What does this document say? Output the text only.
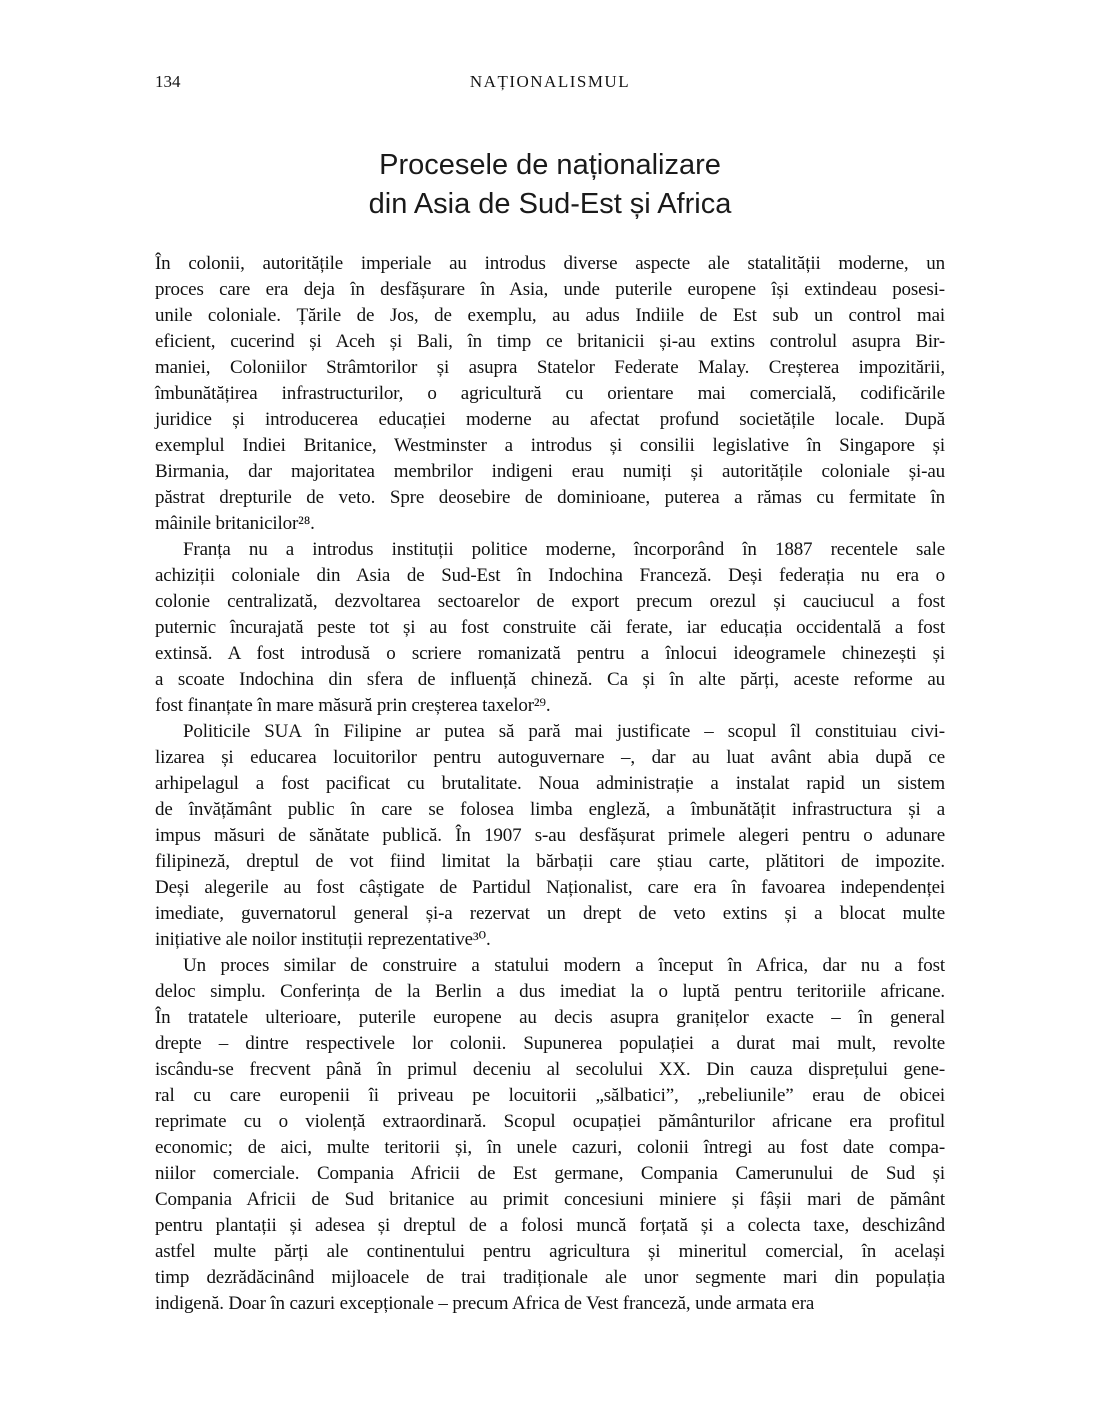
134	NAȚIONALISMUL
Procesele de naționalizare
din Asia de Sud-Est și Africa
În colonii, autoritățile imperiale au introdus diverse aspecte ale statalității moderne, un
proces care era deja în desfășurare în Asia, unde puterile europene își extindeau posesi-
unile coloniale. Țările de Jos, de exemplu, au adus Indiile de Est sub un control mai
eficient, cucerind și Aceh și Bali, în timp ce britanicii și-au extins controlul asupra Bir-
maniei, Coloniilor Strâmtorilor și asupra Statelor Federate Malay. Creșterea impozitării,
îmbunătățirea infrastructurilor, o agricultură cu orientare mai comercială, codificările
juridice și introducerea educației moderne au afectat profund societățile locale. După
exemplul Indiei Britanice, Westminster a introdus și consilii legislative în Singapore și
Birmania, dar majoritatea membrilor indigeni erau numiți și autoritățile coloniale și-au
păstrat drepturile de veto. Spre deosebire de dominioane, puterea a rămas cu fermitate în
mâinile britanicilor²⁸.
Franța nu a introdus instituții politice moderne, încorporând în 1887 recentele sale
achiziții coloniale din Asia de Sud-Est în Indochina Franceză. Deși federația nu era o
colonie centralizată, dezvoltarea sectoarelor de export precum orezul și cauciucul a fost
puternic încurajată peste tot și au fost construite căi ferate, iar educația occidentală a fost
extinsă. A fost introdusă o scriere romanizată pentru a înlocui ideogramele chinezești și
a scoate Indochina din sfera de influență chineză. Ca și în alte părți, aceste reforme au
fost finanțate în mare măsură prin creșterea taxelor²⁹.
Politicile SUA în Filipine ar putea să pară mai justificate – scopul îl constituiau civi-
lizarea și educarea locuitorilor pentru autoguvernare –, dar au luat avânt abia după ce
arhipelagul a fost pacificat cu brutalitate. Noua administrație a instalat rapid un sistem
de învățământ public în care se folosea limba engleză, a îmbunătățit infrastructura și a
impus măsuri de sănătate publică. În 1907 s-au desfășurat primele alegeri pentru o adunare
filipineză, dreptul de vot fiind limitat la bărbații care știau carte, plătitori de impozite.
Deși alegerile au fost câștigate de Partidul Naționalist, care era în favoarea independenței
imediate, guvernatorul general și-a rezervat un drept de veto extins și a blocat multe
inițiative ale noilor instituții reprezentative³⁰.
Un proces similar de construire a statului modern a început în Africa, dar nu a fost
deloc simplu. Conferința de la Berlin a dus imediat la o luptă pentru teritoriile africane.
În tratatele ulterioare, puterile europene au decis asupra granițelor exacte – în general
drepte – dintre respectivele lor colonii. Supunerea populației a durat mai mult, revolte
iscându-se frecvent până în primul deceniu al secolului XX. Din cauza disprețului gene-
ral cu care europenii îi priveau pe locuitorii „sălbatici”, „rebeliunile” erau de obicei
reprimate cu o violență extraordinară. Scopul ocupației pământurilor africane era profitul
economic; de aici, multe teritorii și, în unele cazuri, colonii întregi au fost date compa-
niilor comerciale. Compania Africii de Est germane, Compania Camerunului de Sud și
Compania Africii de Sud britanice au primit concesiuni miniere și fâșii mari de pământ
pentru plantații și adesea și dreptul de a folosi muncă forțată și a colecta taxe, deschizând
astfel multe părți ale continentului pentru agricultura și mineritul comercial, în același
timp dezrădăcinând mijloacele de trai tradiționale ale unor segmente mari din populația
indigenă. Doar în cazuri excepționale – precum Africa de Vest franceză, unde armata era
